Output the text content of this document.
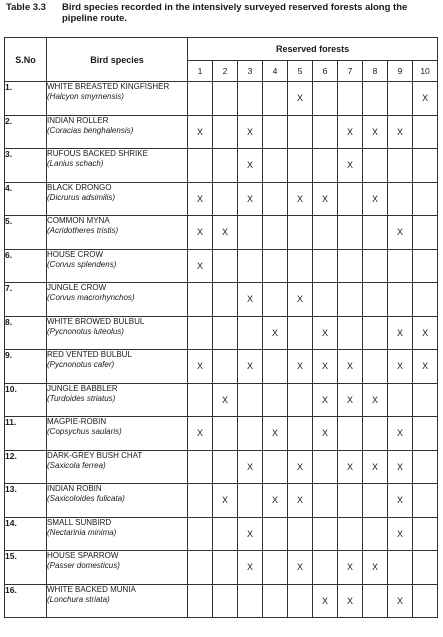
Table 3.3 Bird species recorded in the intensively surveyed reserved forests along the pipeline route.
S.No	Bird species	Reserved forests									
		1	2	3	4	5	6	7	8	9	10
1.	WHITE BREASTED KINGFISHER
(Halcyon smyrnensis)					X					X
2.	INDIAN ROLLER
(Coracias benghalensis)	X		X				X	X	X	
3.	RUFOUS BACKED SHRIKE
(Lanius schach)			X				X			
4.	BLACK DRONGO
(Dicrurus adsimilis)	X		X		X	X		X		
5.	COMMON MYNA
(Acridotheres tristis)	X	X							X	
6.	HOUSE CROW
(Corvus splendens)	X									
7.	JUNGLE CROW
(Corvus macrorhynchos)			X		X					
8.	WHITE BROWED BULBUL
(Pycnonotus luteolus)				X		X			X	X
9.	RED VENTED BULBUL
(Pycnonotus cafer)	X		X		X	X	X		X	X
10.	JUNGLE BABBLER
(Turdoides striatus)		X				X	X	X		
11.	MAGPIE-ROBIN
(Copsychus saularis)	X			X		X			X	
12.	DARK-GREY BUSH CHAT
(Saxicola ferrea)			X		X		X	X	X	
13.	INDIAN ROBIN
(Saxicoloides fulicata)		X		X	X				X	
14.	SMALL SUNBIRD
(Nectarinia minima)			X						X	
15.	HOUSE SPARROW
(Passer domesticus)			X		X		X	X		
16.	WHITE BACKED MUNIA
(Lonchura striata)						X	X		X	
